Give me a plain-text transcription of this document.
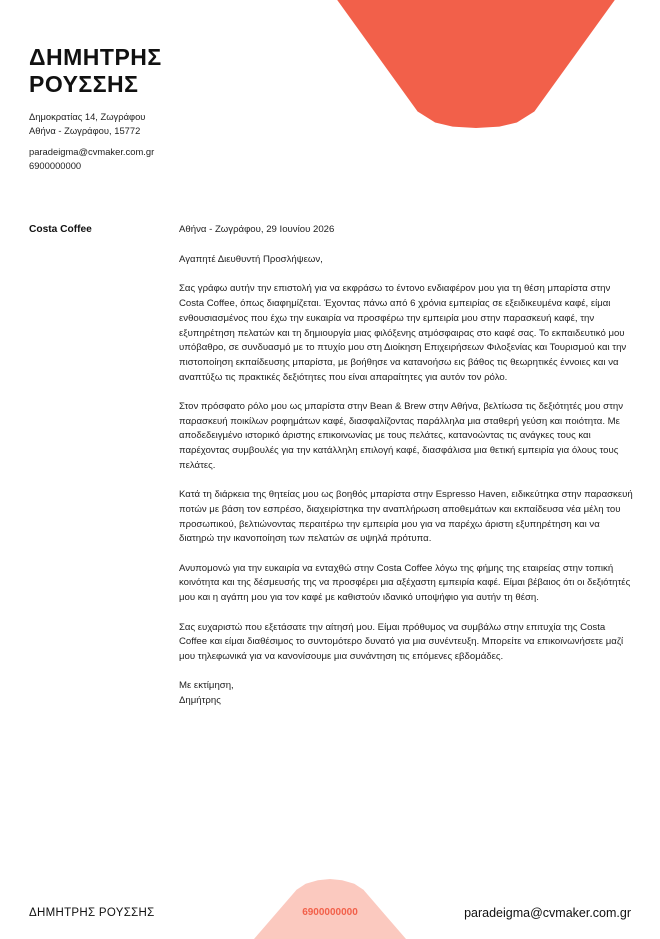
ΔΗΜΗΤΡΗΣ
ΡΟΥΣΣΗΣ
Δημοκρατίας 14, Ζωγράφου
Αθήνα - Ζωγράφου, 15772
paradeigma@cvmaker.com.gr
6900000000
Costa Coffee	Αθήνα - Ζωγράφου, 29 Ιουνίου 2026

Αγαπητέ Διευθυντή Προσλήψεων,

Σας γράφω αυτήν την επιστολή για να εκφράσω το έντονο ενδιαφέρον μου για τη θέση μπαρίστα στην Costa Coffee, όπως διαφημίζεται. Έχοντας πάνω από 6 χρόνια εμπειρίας σε εξειδικευμένα καφέ, είμαι ενθουσιασμένος που έχω την ευκαιρία να προσφέρω την εμπειρία μου στην παρασκευή καφέ, την εξυπηρέτηση πελατών και τη δημιουργία μιας φιλόξενης ατμόσφαιρας στο καφέ σας. Το εκπαιδευτικό μου υπόβαθρο, σε συνδυασμό με το πτυχίο μου στη Διοίκηση Επιχειρήσεων Φιλοξενίας και Τουρισμού και την πιστοποίηση εκπαίδευσης μπαρίστα, με βοήθησε να κατανοήσω εις βάθος τις θεωρητικές έννοιες και να αναπτύξω τις πρακτικές δεξιότητες που είναι απαραίτητες για αυτόν τον ρόλο.

Στον πρόσφατο ρόλο μου ως μπαρίστα στην Bean & Brew στην Αθήνα, βελτίωσα τις δεξιότητές μου στην παρασκευή ποικίλων ροφημάτων καφέ, διασφαλίζοντας παράλληλα μια σταθερή γεύση και ποιότητα. Με αποδεδειγμένο ιστορικό άριστης επικοινωνίας με τους πελάτες, κατανοώντας τις ανάγκες τους και παρέχοντας συμβουλές για την κατάλληλη επιλογή καφέ, διασφάλισα μια θετική εμπειρία για όλους τους πελάτες.

Κατά τη διάρκεια της θητείας μου ως βοηθός μπαρίστα στην Espresso Haven, ειδικεύτηκα στην παρασκευή ποτών με βάση τον εσπρέσο, διαχειρίστηκα την αναπλήρωση αποθεμάτων και εκπαίδευσα νέα μέλη του προσωπικού, βελτιώνοντας περαιτέρω την εμπειρία μου για να παρέχω άριστη εξυπηρέτηση και να διατηρώ την ικανοποίηση των πελατών σε υψηλά πρότυπα.

Ανυπομονώ για την ευκαιρία να ενταχθώ στην Costa Coffee λόγω της φήμης της εταιρείας στην τοπική κοινότητα και της δέσμευσής της να προσφέρει μια αξέχαστη εμπειρία καφέ. Είμαι βέβαιος ότι οι δεξιότητές μου και η αγάπη μου για τον καφέ με καθιστούν ιδανικό υποψήφιο για αυτήν τη θέση.

Σας ευχαριστώ που εξετάσατε την αίτησή μου. Είμαι πρόθυμος να συμβάλω στην επιτυχία της Costa Coffee και είμαι διαθέσιμος το συντομότερο δυνατό για μια συνέντευξη. Μπορείτε να επικοινωνήσετε μαζί μου τηλεφωνικά για να κανονίσουμε μια συνάντηση τις επόμενες εβδομάδες.

Με εκτίμηση,
Δημήτρης

ΔΗΜΗΤΡΗΣ ΡΟΥΣΣΗΣ	6900000000	paradeigma@cvmaker.com.gr
